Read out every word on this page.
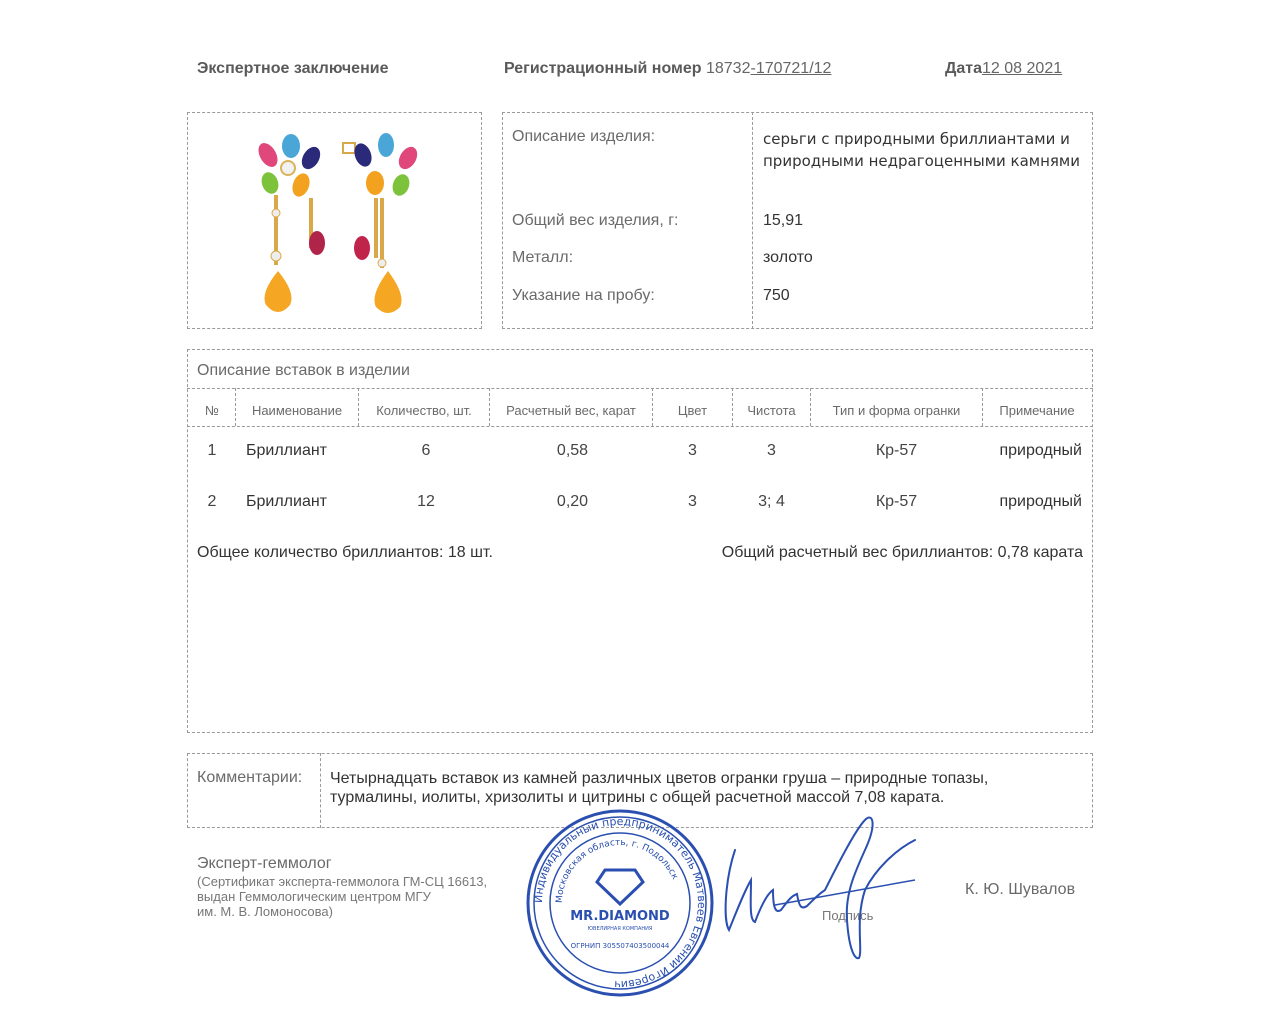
Экспертное заключение	Регистрационный номер 18732-170721/12	Дата12 08 2021
Описание изделия:	серьги с природными бриллиантами и природными недрагоценными камнями
Общий вес изделия, г:	15,91
Металл:	золото
Указание на пробу:	750
Описание вставок в изделии
№	Наименование	Количество, шт.	Расчетный вес, карат	Цвет	Чистота	Тип и форма огранки	Примечание
1	Бриллиант	6	0,58	3	3	Кр-57	природный
2	Бриллиант	12	0,20	3	3; 4	Кр-57	природный
Общее количество бриллиантов: 18 шт.	Общий расчетный вес бриллиантов: 0,78 карата
Комментарии: Четырнадцать вставок из камней различных цветов огранки груша – природные топазы, турмалины, иолиты, хризолиты и цитрины с общей расчетной массой 7,08 карата.
Эксперт-геммолог
(Сертификат эксперта-геммолога ГМ-СЦ 16613,
выдан Геммологическим центром МГУ
им. М. В. Ломоносова)	Подпись
К. Ю. Шувалов
Индивидуальный предприниматель Матвеев Евгений Игоревич
Московская область, г. Подольск
MR.DIAMOND
ЮВЕЛИРНАЯ КОМПАНИЯ
ОГРНИП 305507403500044
